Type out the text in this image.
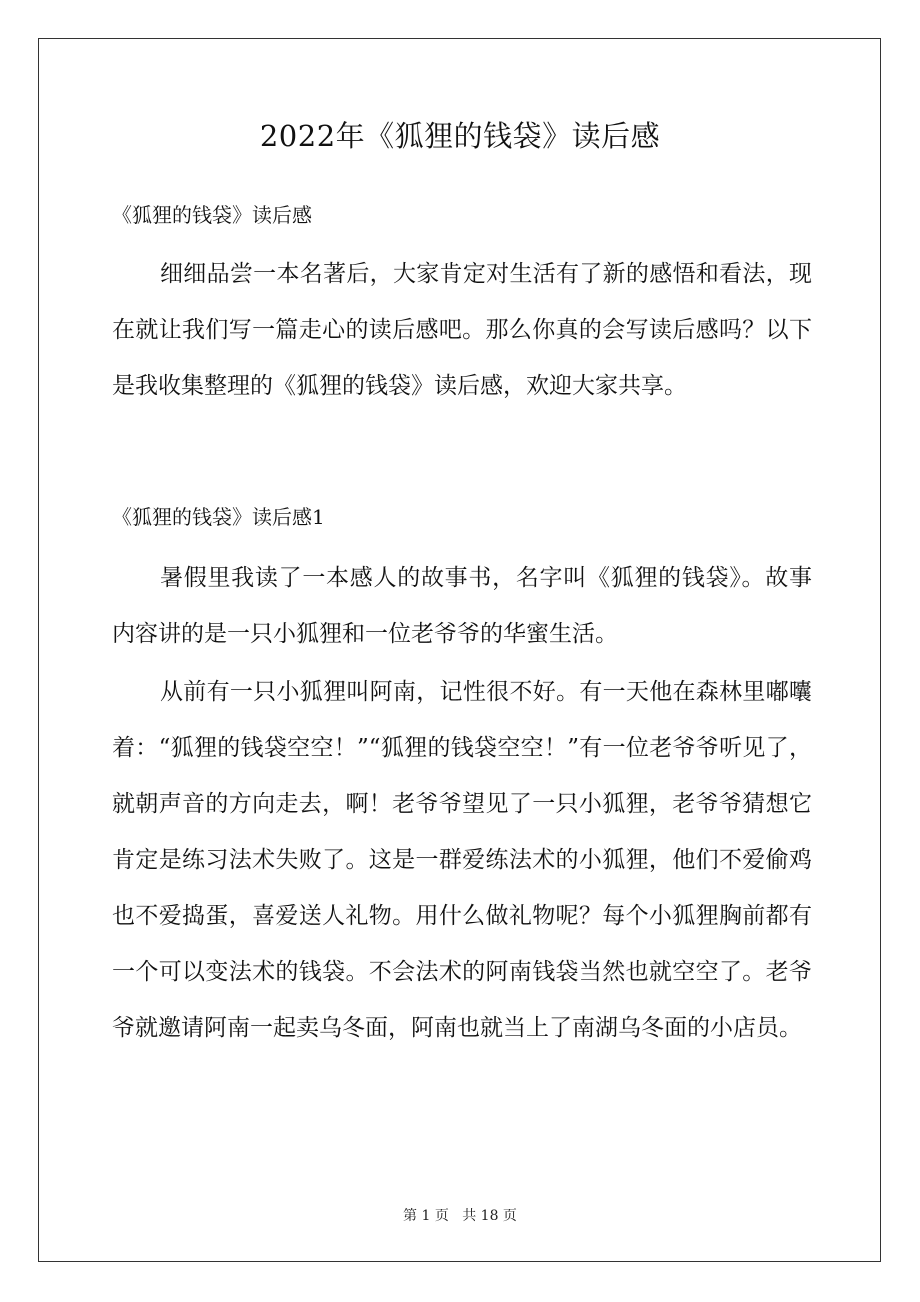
2022年《狐狸的钱袋》读后感
《狐狸的钱袋》读后感

细细品尝一本名著后，大家肯定对生活有了新的感悟和看法，现在就让我们写一篇走心的读后感吧。那么你真的会写读后感吗？以下是我收集整理的《狐狸的钱袋》读后感，欢迎大家共享。

《狐狸的钱袋》读后感1

暑假里我读了一本感人的故事书，名字叫《狐狸的钱袋》。故事内容讲的是一只小狐狸和一位老爷爷的华蜜生活。

从前有一只小狐狸叫阿南，记性很不好。有一天他在森林里嘟囔着：“狐狸的钱袋空空！”“狐狸的钱袋空空！”有一位老爷爷听见了，就朝声音的方向走去，啊！老爷爷望见了一只小狐狸，老爷爷猜想它肯定是练习法术失败了。这是一群爱练法术的小狐狸，他们不爱偷鸡也不爱捣蛋，喜爱送人礼物。用什么做礼物呢？每个小狐狸胸前都有一个可以变法术的钱袋。不会法术的阿南钱袋当然也就空空了。老爷爷就邀请阿南一起卖乌冬面，阿南也就当上了南湖乌冬面的小店员。

第 1 页 共 18 页
